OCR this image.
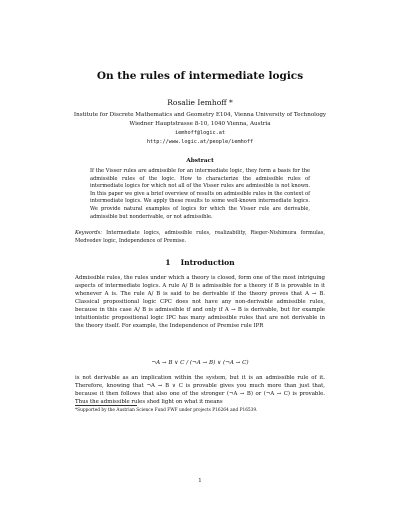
On the rules of intermediate logics
Rosalie Iemhoff *
Institute for Discrete Mathematics and Geometry E104, Vienna University of Technology
Wiedner Hauptstrasse 8-10, 1040 Vienna, Austria
iemhoff@logic.at
http://www.logic.at/people/iemhoff
Abstract
If the Visser rules are admissible for an intermediate logic, they form a basis for the admissible rules of the logic. How to characterize the admissible rules of intermediate logics for which not all of the Visser rules are admissible is not known. In this paper we give a brief overview of results on admissible rules in the context of intermediate logics. We apply these results to some well-known intermediate logics. We provide natural examples of logics for which the Visser rule are derivable, admissible but nonderivable, or not admissible.
Keywords: Intermediate logics, admissible rules, realizability, Rieger-Nishimura formulas, Medvedev logic, Independence of Premise.
1 Introduction
Admissible rules, the rules under which a theory is closed, form one of the most intriguing aspects of intermediate logics. A rule A/ B is admissible for a theory if B is provable in it whenever A is. The rule A/ B is said to be derivable if the theory proves that A → B. Classical propositional logic CPC does not have any non-derivable admissible rules, because in this case A/ B is admissible if and only if A → B is derivable, but for example intuitionistic propositional logic IPC has many admissible rules that are not derivable in the theory itself. For example, the Independence of Premise rule IPR
¬A → B ∨ C / (¬A → B) ∨ (¬A → C)
is not derivable as an implication within the system, but it is an admissible rule of it. Therefore, knowing that ¬A → B ∨ C is provable gives you much more than just that, because it then follows that also one of the stronger (¬A → B) or (¬A → C) is provable. Thus the admissible rules shed light on what it means
*Supported by the Austrian Science Fund FWF under projects P16264 and P16539.
1
